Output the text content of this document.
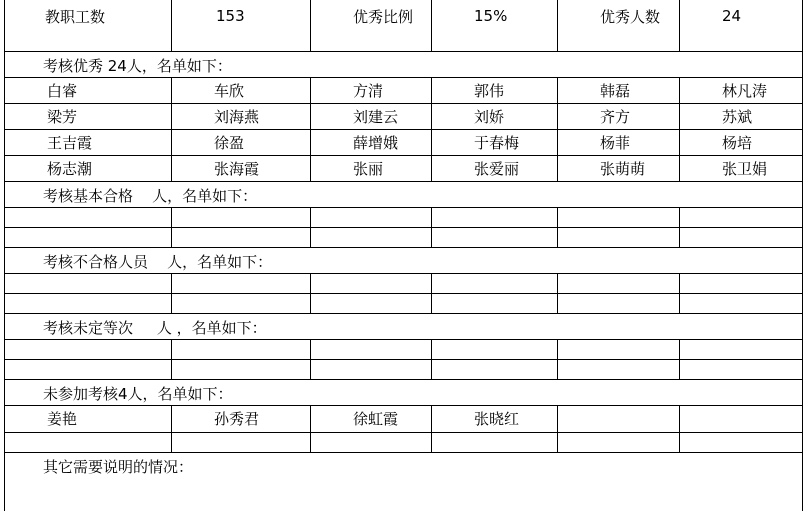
教职工数	153	优秀比例	15%	优秀人数	24
考核优秀 24人，名单如下：
白睿	车欣	方清	郭伟	韩磊	林凡涛
梁芳	刘海燕	刘建云	刘娇	齐方	苏斌
王吉霞	徐盈	薛增娥	于春梅	杨菲	杨培
杨志潮	张海霞	张丽	张爱丽	张萌萌	张卫娟
考核基本合格    人，名单如下：
考核不合格人员    人，名单如下：
考核未定等次     人 ，名单如下：
未参加考核4人，名单如下：
姜艳	孙秀君	徐虹霞	张晓红
其它需要说明的情况：
